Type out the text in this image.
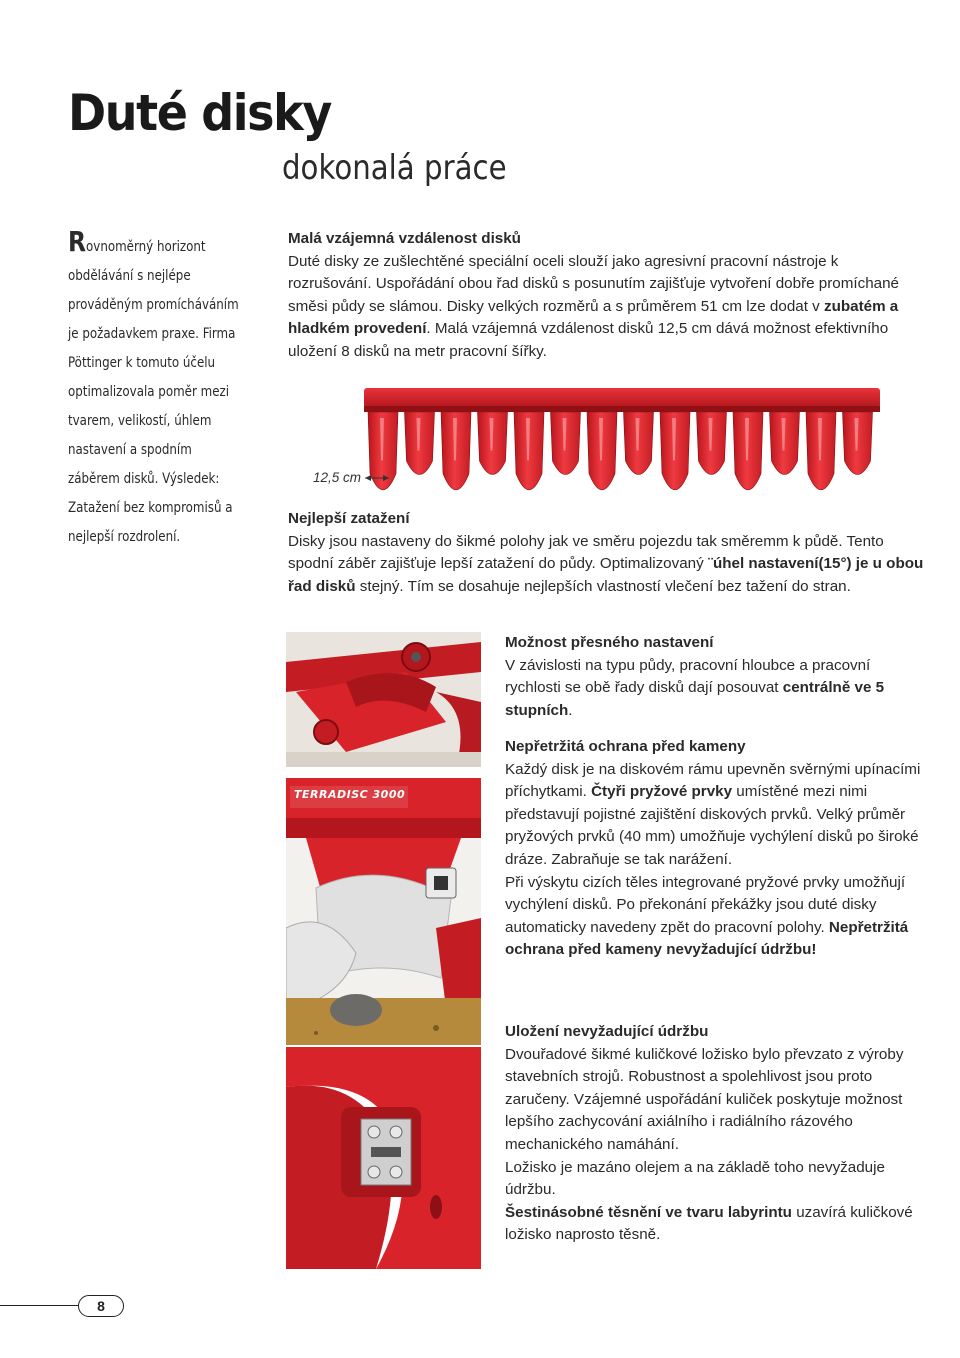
Duté disky
dokonalá práce
Rovnoměrný horizont obdělávání s nejlépe prováděným promícháváním je požadavkem praxe. Firma Pöttinger k tomuto účelu optimalizovala poměr mezi tvarem, velikostí, úhlem nastavení a spodním záběrem disků. Výsledek: Zatažení bez kompromisů a nejlepší rozdrolení.
Malá vzájemná vzdálenost disků
Duté disky ze zušlechtěné speciální oceli slouží jako agresivní pracovní nástroje k rozrušování. Uspořádání obou řad disků s posunutím zajišťuje vytvoření dobře promíchané směsi půdy se slámou. Disky velkých rozměrů a s průměrem 51 cm lze dodat v zubatém a hladkém provedení. Malá vzájemná vzdálenost disků 12,5 cm dává možnost efektivního uložení 8 disků na metr pracovní šířky.
12,5 cm
Nejlepší zatažení
Disky jsou nastaveny do šikmé polohy jak ve směru pojezdu tak směremm k půdě. Tento spodní záběr zajišťuje lepší zatažení do půdy. Optimalizovaný ¨úhel nastavení(15°) je u obou řad disků stejný. Tím se dosahuje nejlepších vlastností vlečení bez tažení do stran.
TERRADISC 3000
Možnost přesného nastavení
V závislosti na typu půdy, pracovní hloubce a pracovní rychlosti se obě řady disků dají posouvat centrálně ve 5 stupních.
Nepřetržitá ochrana před kameny
Každý disk je na diskovém rámu upevněn svěrnými upínacími příchytkami. Čtyři pryžové prvky umístěné mezi nimi představují pojistné zajištění diskových prvků. Velký průměr pryžových prvků (40 mm) umožňuje vychýlení disků po široké dráze. Zabraňuje se tak narážení.
Při výskytu cizích těles integrované pryžové prvky umožňují vychýlení disků. Po překonání překážky jsou duté disky automaticky navedeny zpět do pracovní polohy. Nepřetržitá ochrana před kameny nevyžadující údržbu!
Uložení nevyžadující údržbu
Dvouřadové šikmé kuličkové ložisko bylo převzato z výroby stavebních strojů. Robustnost a spolehlivost jsou proto zaručeny. Vzájemné uspořádání kuliček poskytuje možnost lepšího zachycování axiálního i radiálního rázového mechanického namáhání.
Ložisko je mazáno olejem a na základě toho nevyžaduje údržbu.
Šestinásobné těsnění ve tvaru labyrintu uzavírá kuličkové ložisko naprosto těsně.
8
